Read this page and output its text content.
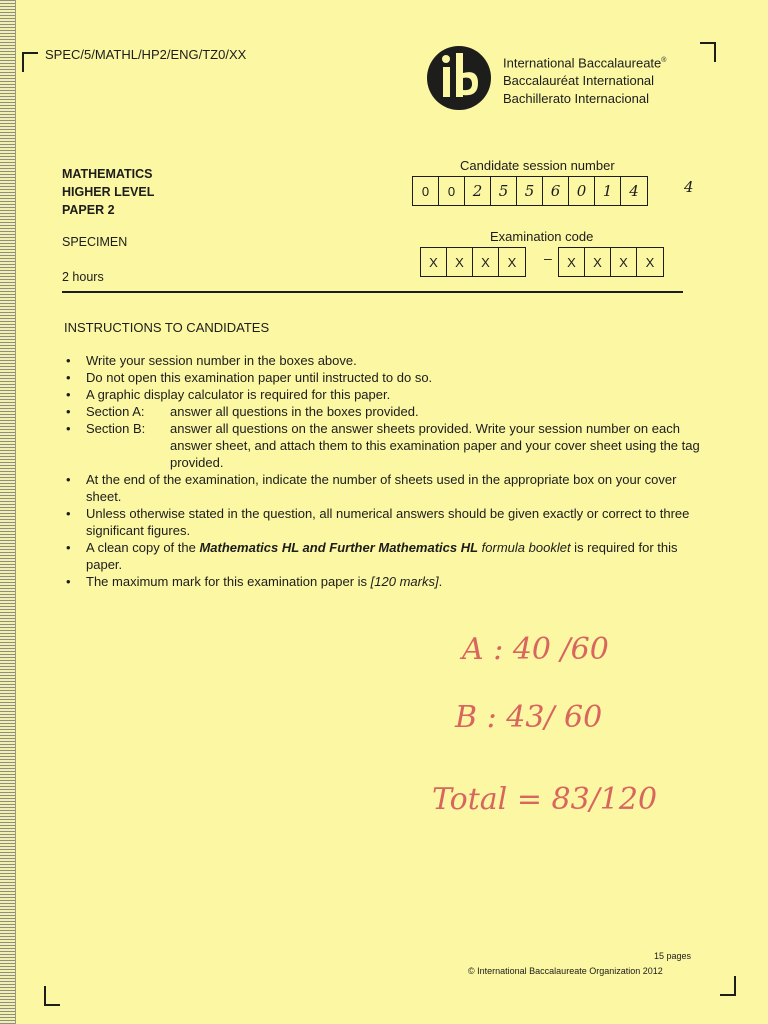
SPEC/5/MATHL/HP2/ENG/TZ0/XX
International Baccalaureate®
Baccalauréat International
Bachillerato Internacional
MATHEMATICS
HIGHER LEVEL
PAPER 2
SPECIMEN
2 hours
Candidate session number
0	0	2	5	5	6	0	1	4	4
Examination code
X	X	X	X	–	X	X	X	X
INSTRUCTIONS TO CANDIDATES
• Write your session number in the boxes above.
• Do not open this examination paper until instructed to do so.
• A graphic display calculator is required for this paper.
• Section A:	answer all questions in the boxes provided.
• Section B:	answer all questions on the answer sheets provided. Write your session number on each answer sheet, and attach them to this examination paper and your cover sheet using the tag provided.
• At the end of the examination, indicate the number of sheets used in the appropriate box on your cover sheet.
• Unless otherwise stated in the question, all numerical answers should be given exactly or correct to three significant figures.
• A clean copy of the Mathematics HL and Further Mathematics HL formula booklet is required for this paper.
• The maximum mark for this examination paper is [120 marks].
A : 40 /60
B : 43/ 60
Total = 83/120
15 pages
© International Baccalaureate Organization 2012
